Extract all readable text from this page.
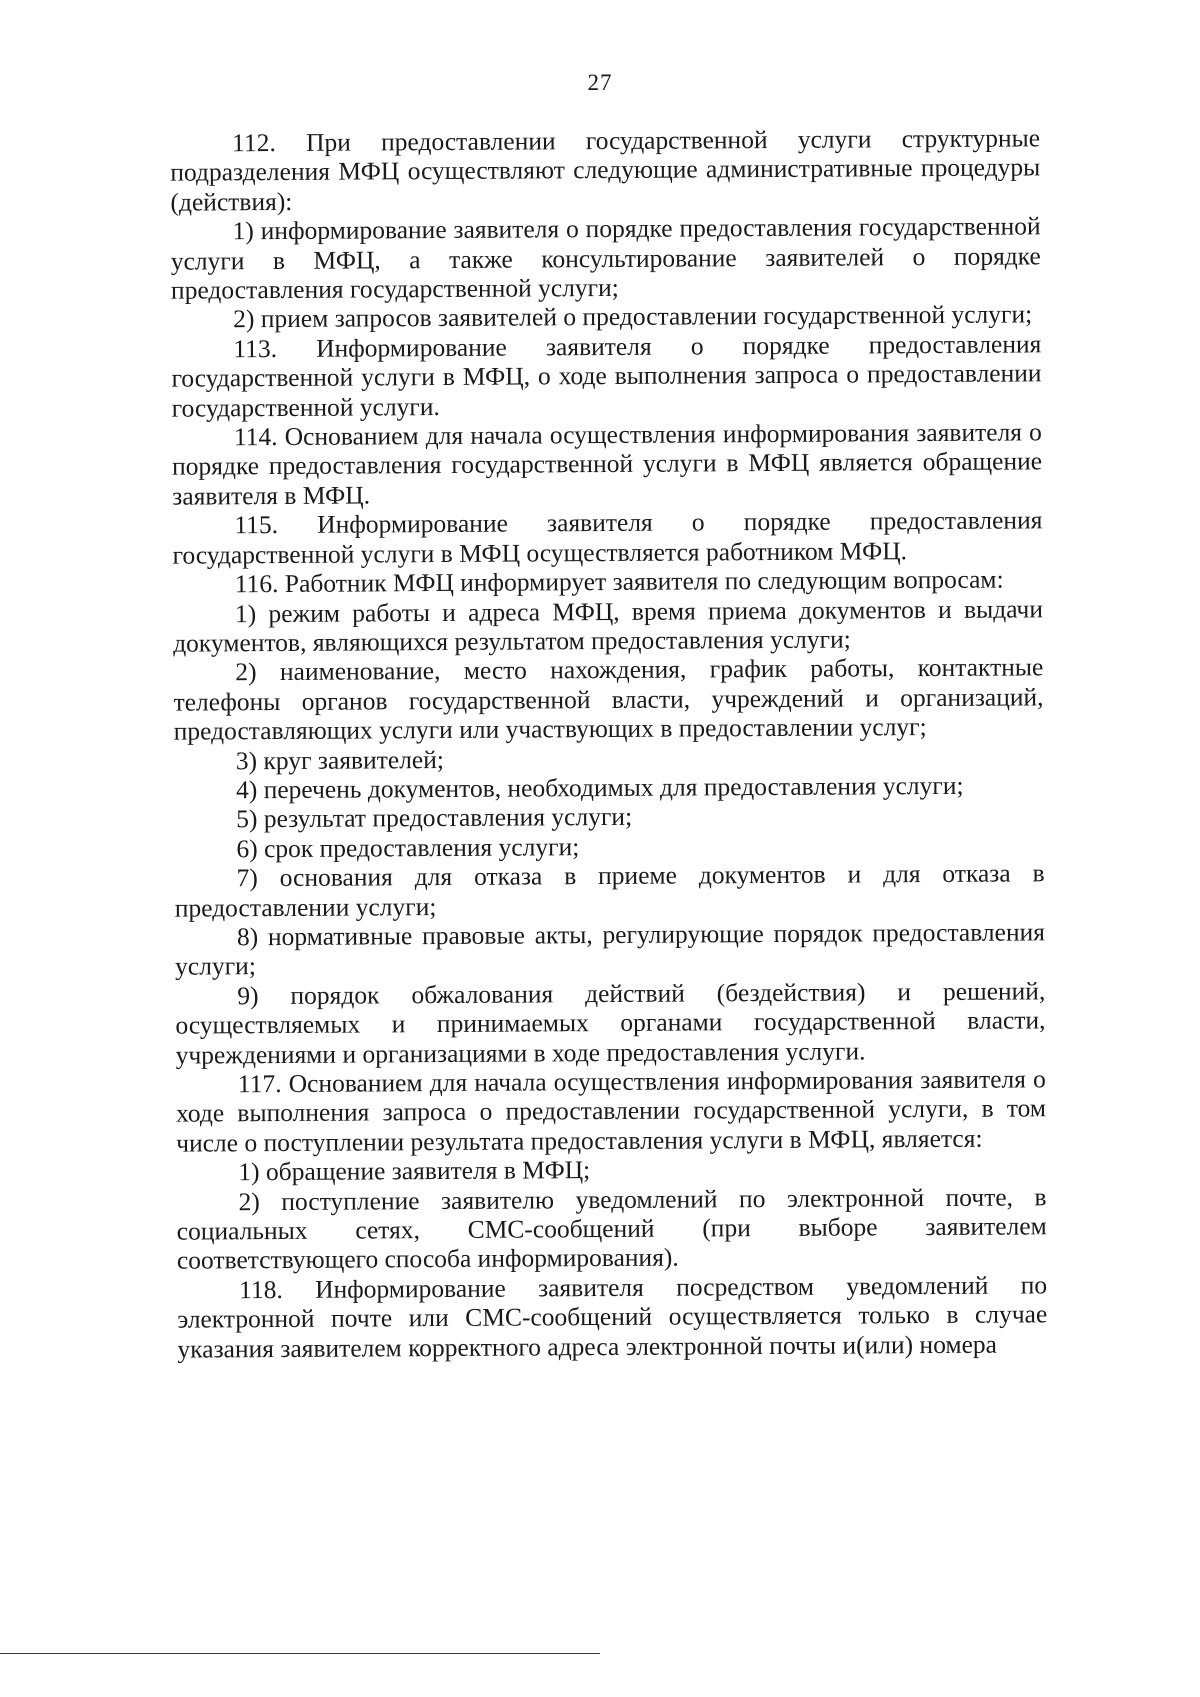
27

112. При предоставлении государственной услуги структурные подразделения МФЦ осуществляют следующие административные процедуры (действия):

1) информирование заявителя о порядке предоставления государственной услуги в МФЦ, а также консультирование заявителей о порядке предоставления государственной услуги;

2) прием запросов заявителей о предоставлении государственной услуги;

113. Информирование заявителя о порядке предоставления государственной услуги в МФЦ, о ходе выполнения запроса о предоставлении государственной услуги.

114. Основанием для начала осуществления информирования заявителя о порядке предоставления государственной услуги в МФЦ является обращение заявителя в МФЦ.

115. Информирование заявителя о порядке предоставления государственной услуги в МФЦ осуществляется работником МФЦ.

116. Работник МФЦ информирует заявителя по следующим вопросам:

1) режим работы и адреса МФЦ, время приема документов и выдачи документов, являющихся результатом предоставления услуги;

2) наименование, место нахождения, график работы, контактные телефоны органов государственной власти, учреждений и организаций, предоставляющих услуги или участвующих в предоставлении услуг;

3) круг заявителей;

4) перечень документов, необходимых для предоставления услуги;

5) результат предоставления услуги;

6) срок предоставления услуги;

7) основания для отказа в приеме документов и для отказа в предоставлении услуги;

8) нормативные правовые акты, регулирующие порядок предоставления услуги;

9) порядок обжалования действий (бездействия) и решений, осуществляемых и принимаемых органами государственной власти, учреждениями и организациями в ходе предоставления услуги.

117. Основанием для начала осуществления информирования заявителя о ходе выполнения запроса о предоставлении государственной услуги, в том числе о поступлении результата предоставления услуги в МФЦ, является:

1) обращение заявителя в МФЦ;

2) поступление заявителю уведомлений по электронной почте, в социальных сетях, СМС-сообщений (при выборе заявителем соответствующего способа информирования).

118. Информирование заявителя посредством уведомлений по электронной почте или СМС-сообщений осуществляется только в случае указания заявителем корректного адреса электронной почты и(или) номера
